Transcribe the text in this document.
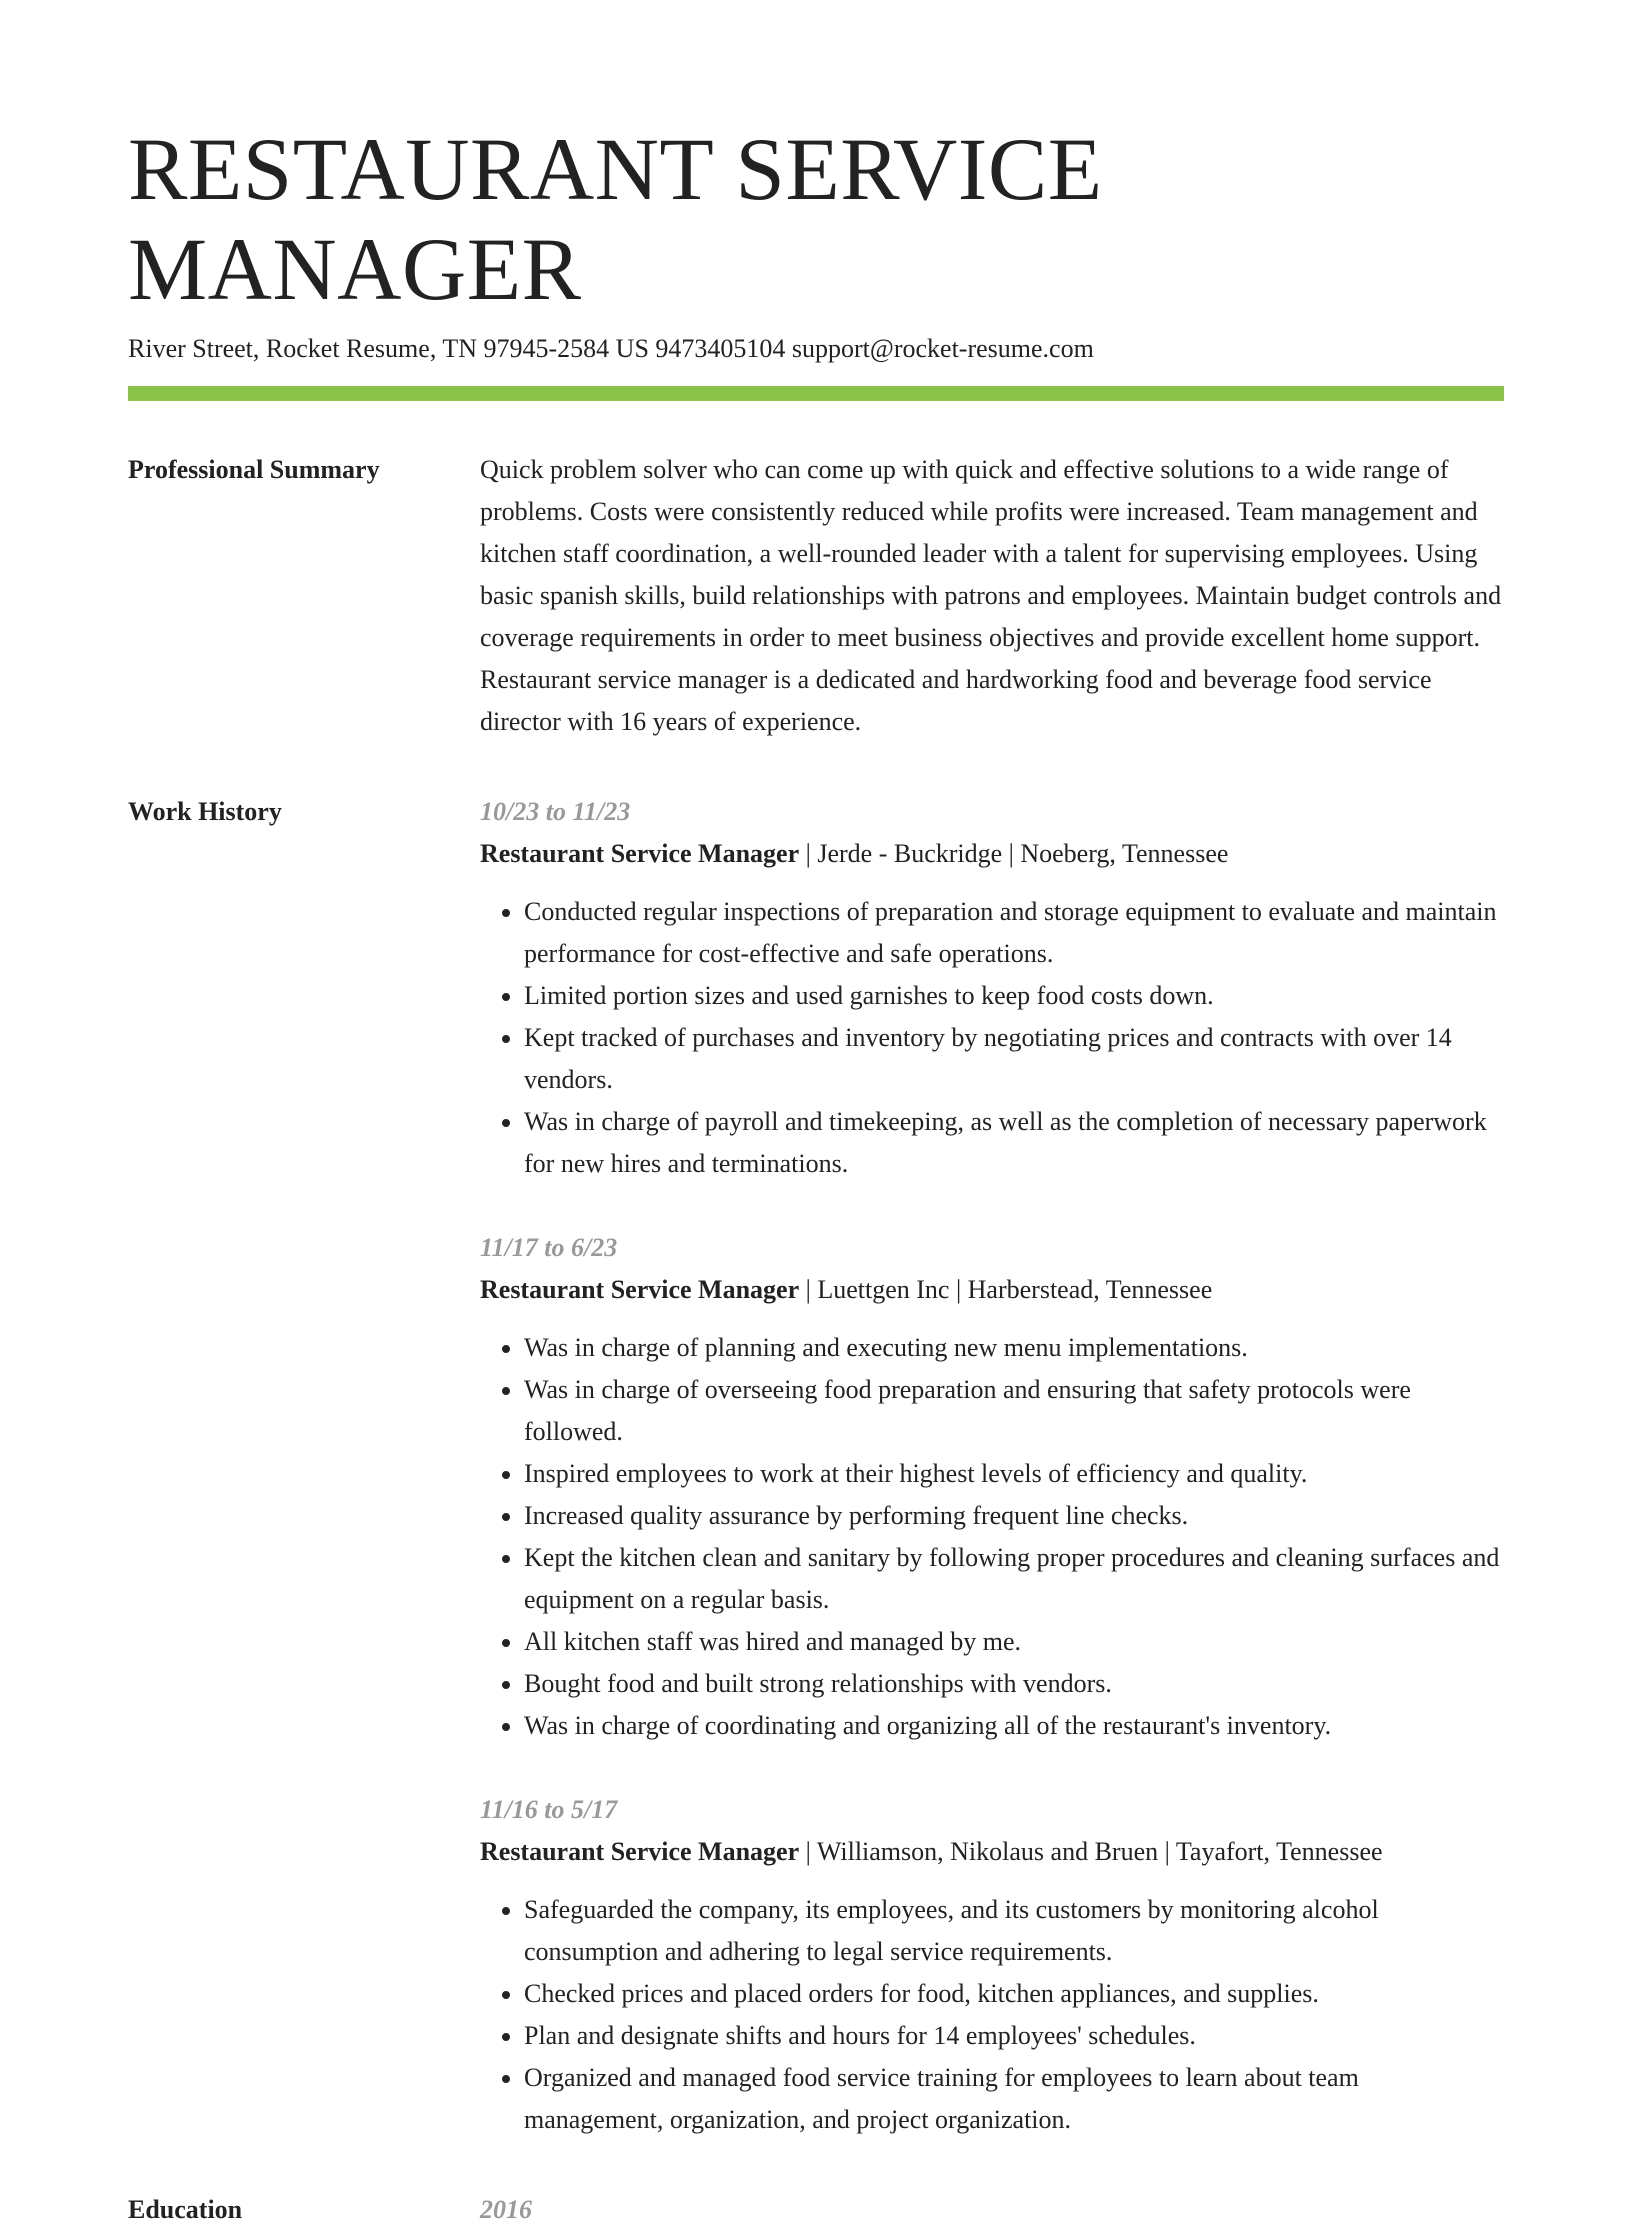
RESTAURANT SERVICE MANAGER
River Street, Rocket Resume, TN 97945-2584 US 9473405104 support@rocket-resume.com
Professional Summary	Quick problem solver who can come up with quick and effective solutions to a wide range of problems. Costs were consistently reduced while profits were increased. Team management and kitchen staff coordination, a well-rounded leader with a talent for supervising employees. Using basic spanish skills, build relationships with patrons and employees. Maintain budget controls and coverage requirements in order to meet business objectives and provide excellent home support. Restaurant service manager is a dedicated and hardworking food and beverage food service director with 16 years of experience.

Work History	10/23 to 11/23
Restaurant Service Manager | Jerde - Buckridge | Noeberg, Tennessee
• Conducted regular inspections of preparation and storage equipment to evaluate and maintain performance for cost-effective and safe operations.
• Limited portion sizes and used garnishes to keep food costs down.
• Kept tracked of purchases and inventory by negotiating prices and contracts with over 14 vendors.
• Was in charge of payroll and timekeeping, as well as the completion of necessary paperwork for new hires and terminations.
11/17 to 6/23
Restaurant Service Manager | Luettgen Inc | Harberstead, Tennessee
• Was in charge of planning and executing new menu implementations.
• Was in charge of overseeing food preparation and ensuring that safety protocols were followed.
• Inspired employees to work at their highest levels of efficiency and quality.
• Increased quality assurance by performing frequent line checks.
• Kept the kitchen clean and sanitary by following proper procedures and cleaning surfaces and equipment on a regular basis.
• All kitchen staff was hired and managed by me.
• Bought food and built strong relationships with vendors.
• Was in charge of coordinating and organizing all of the restaurant's inventory.
11/16 to 5/17
Restaurant Service Manager | Williamson, Nikolaus and Bruen | Tayafort, Tennessee
• Safeguarded the company, its employees, and its customers by monitoring alcohol consumption and adhering to legal service requirements.
• Checked prices and placed orders for food, kitchen appliances, and supplies.
• Plan and designate shifts and hours for 14 employees' schedules.
• Organized and managed food service training for employees to learn about team management, organization, and project organization.
Education	2016
